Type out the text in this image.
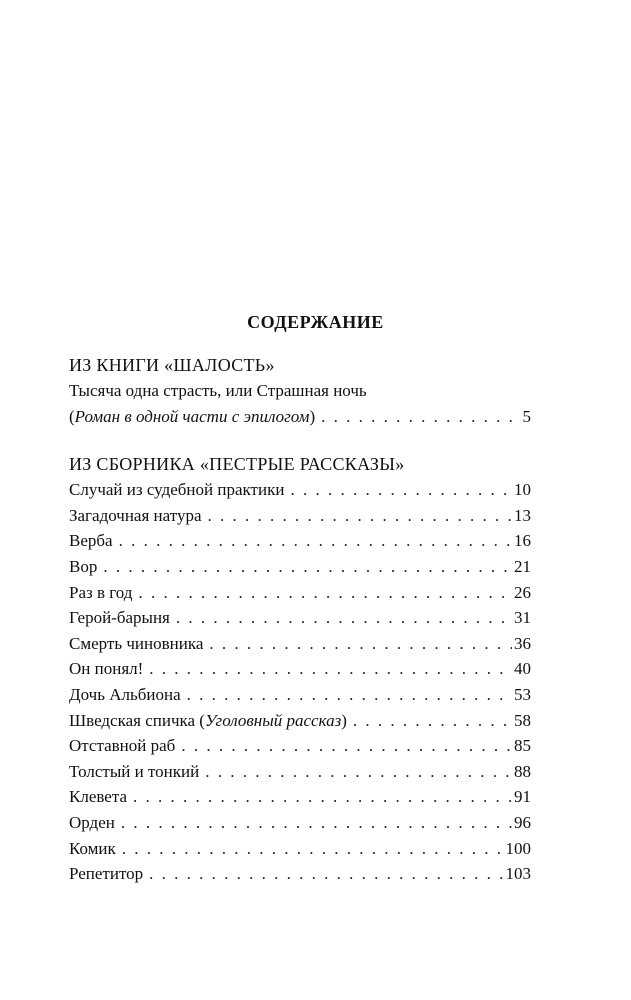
СОДЕРЖАНИЕ
ИЗ КНИГИ «ШАЛОСТЬ»
Тысяча одна страсть, или Страшная ночь
(Роман в одной части с эпилогом) . . .	5
ИЗ СБОРНИКА «ПЕСТРЫЕ РАССКАЗЫ»
Случай из судебной практики . . .	10
Загадочная натура . . .	13
Верба . . .	16
Вор . . .	21
Раз в год . . .	26
Герой-барыня . . .	31
Смерть чиновника . . .	36
Он понял! . . .	40
Дочь Альбиона . . .	53
Шведская спичка (Уголовный рассказ) . . .	58
Отставной раб . . .	85
Толстый и тонкий . . .	88
Клевета . . .	91
Орден . . .	96
Комик . . .	100
Репетитор . . .	103
